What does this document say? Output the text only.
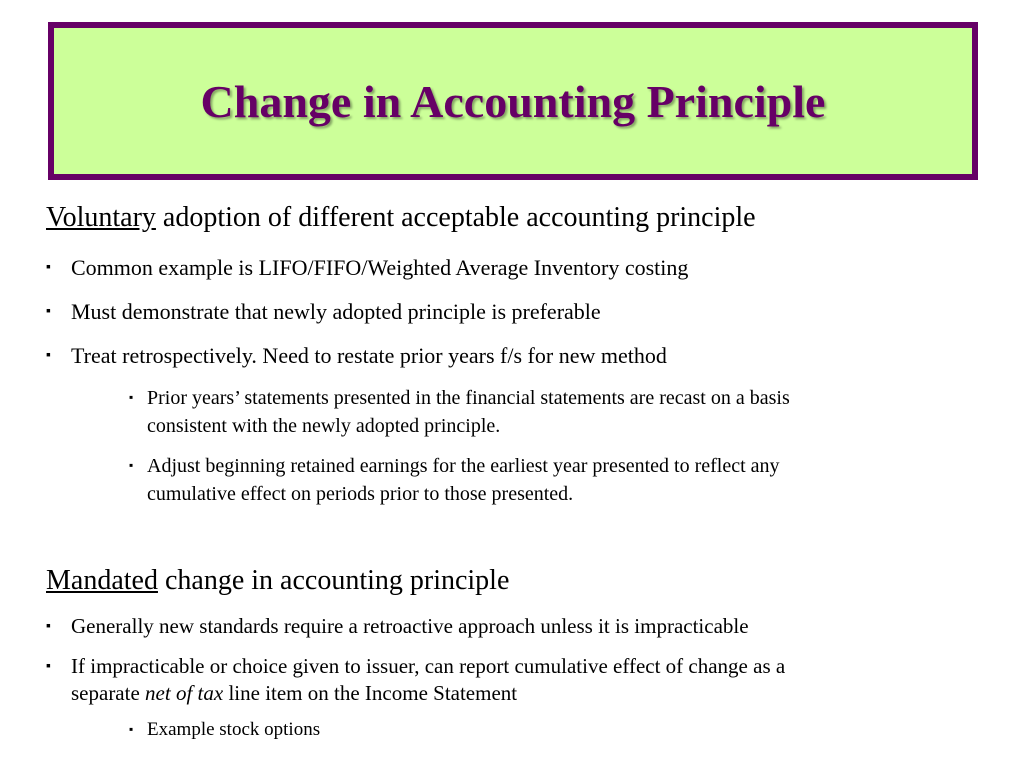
Change in Accounting Principle
Voluntary adoption of different acceptable accounting principle
▪ Common example is LIFO/FIFO/Weighted Average Inventory costing
▪ Must demonstrate that newly adopted principle is preferable
▪ Treat retrospectively. Need to restate prior years f/s for new method
▪ Prior years’ statements presented in the financial statements are recast on a basis
consistent with the newly adopted principle.
▪ Adjust beginning retained earnings for the earliest year presented to reflect any
cumulative effect on periods prior to those presented.
Mandated change in accounting principle
▪ Generally new standards require a retroactive approach unless it is impracticable
▪ If impracticable or choice given to issuer, can report cumulative effect of change as a
separate net of tax line item on the Income Statement
▪ Example stock options
